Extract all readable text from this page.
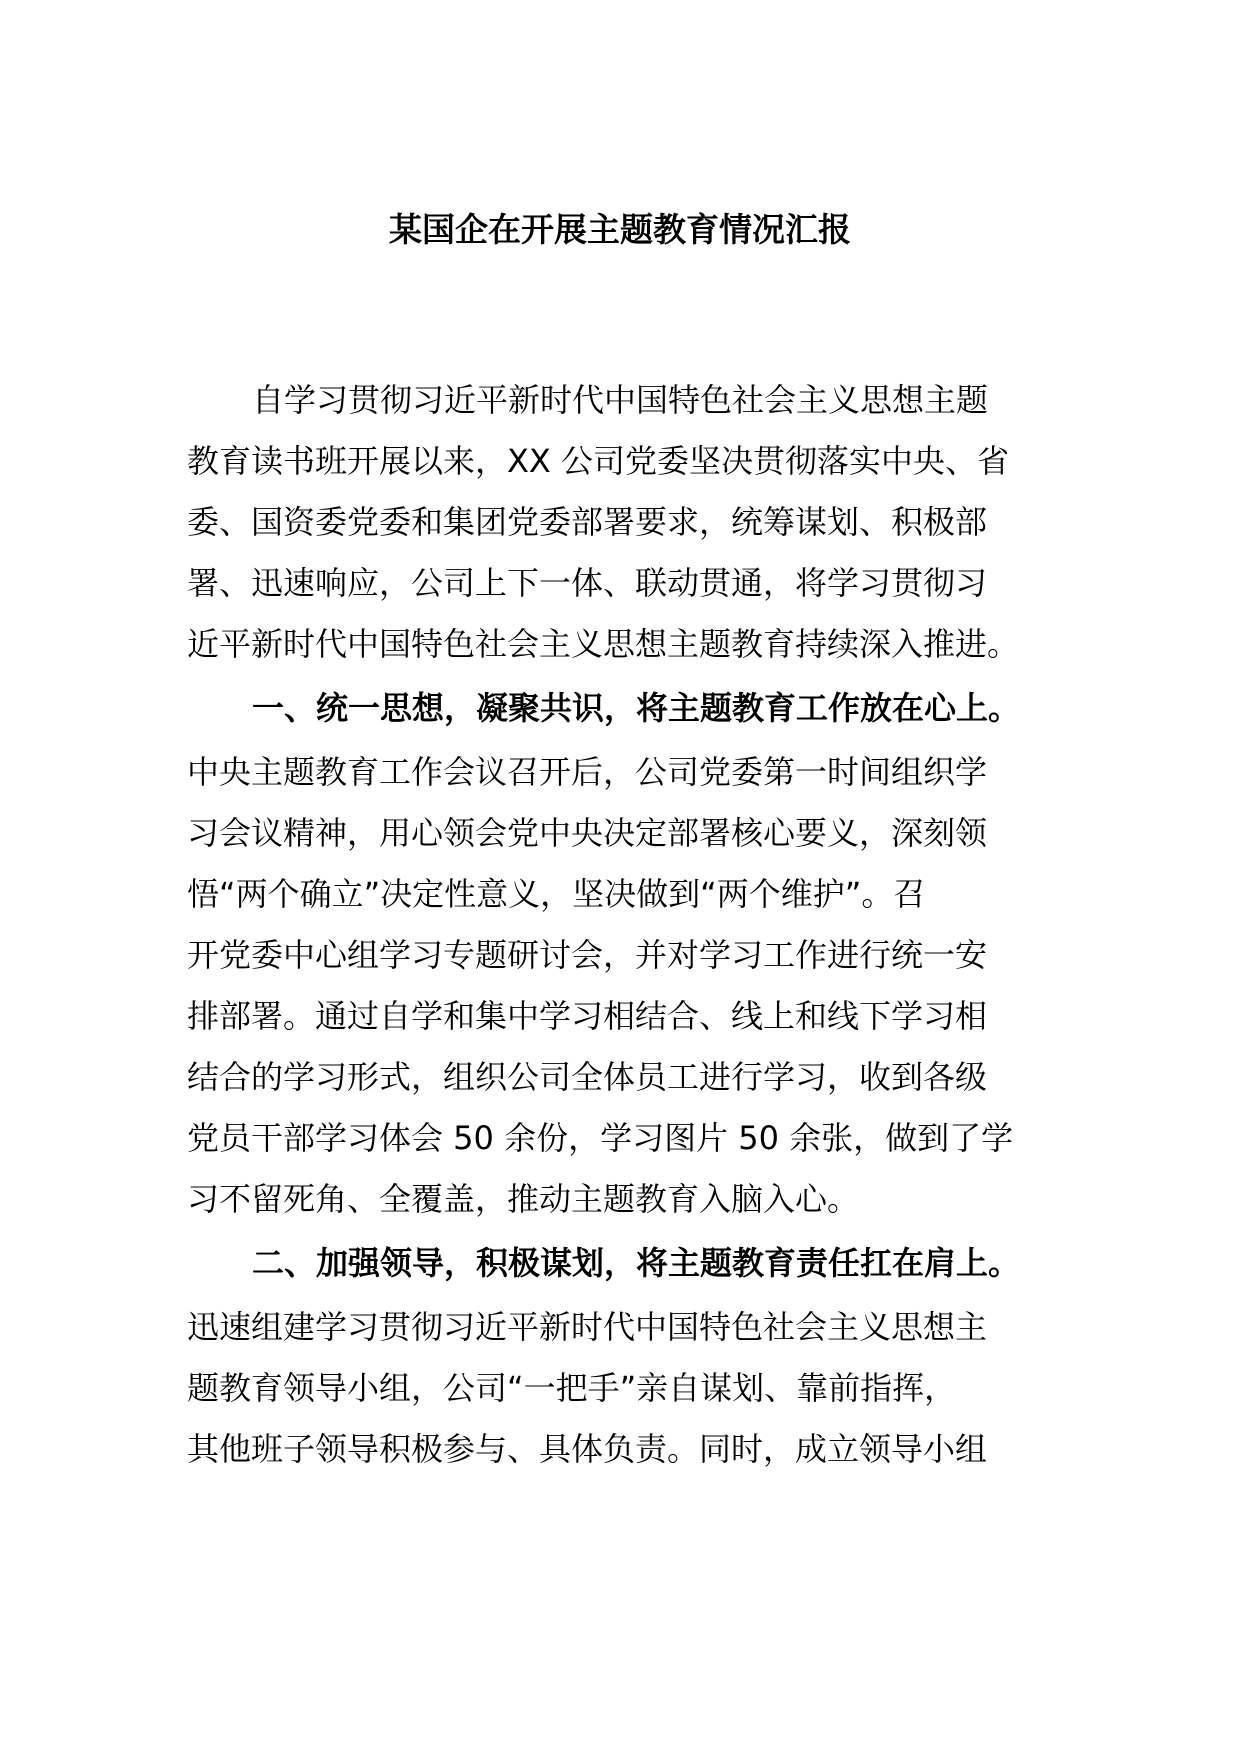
某国企在开展主题教育情况汇报

自学习贯彻习近平新时代中国特色社会主义思想主题

教育读书班开展以来，XX 公司党委坚决贯彻落实中央、省

委、国资委党委和集团党委部署要求，统筹谋划、积极部

署、迅速响应，公司上下一体、联动贯通，将学习贯彻习

近平新时代中国特色社会主义思想主题教育持续深入推进。

一、统一思想，凝聚共识，将主题教育工作放在心上。

中央主题教育工作会议召开后，公司党委第一时间组织学

习会议精神，用心领会党中央决定部署核心要义，深刻领

悟“两个确立”决定性意义，坚决做到“两个维护”。召

开党委中心组学习专题研讨会，并对学习工作进行统一安

排部署。通过自学和集中学习相结合、线上和线下学习相

结合的学习形式，组织公司全体员工进行学习，收到各级

党员干部学习体会 50 余份，学习图片 50 余张，做到了学

习不留死角、全覆盖，推动主题教育入脑入心。

二、加强领导，积极谋划，将主题教育责任扛在肩上。

迅速组建学习贯彻习近平新时代中国特色社会主义思想主

题教育领导小组，公司“一把手”亲自谋划、靠前指挥，

其他班子领导积极参与、具体负责。同时，成立领导小组
